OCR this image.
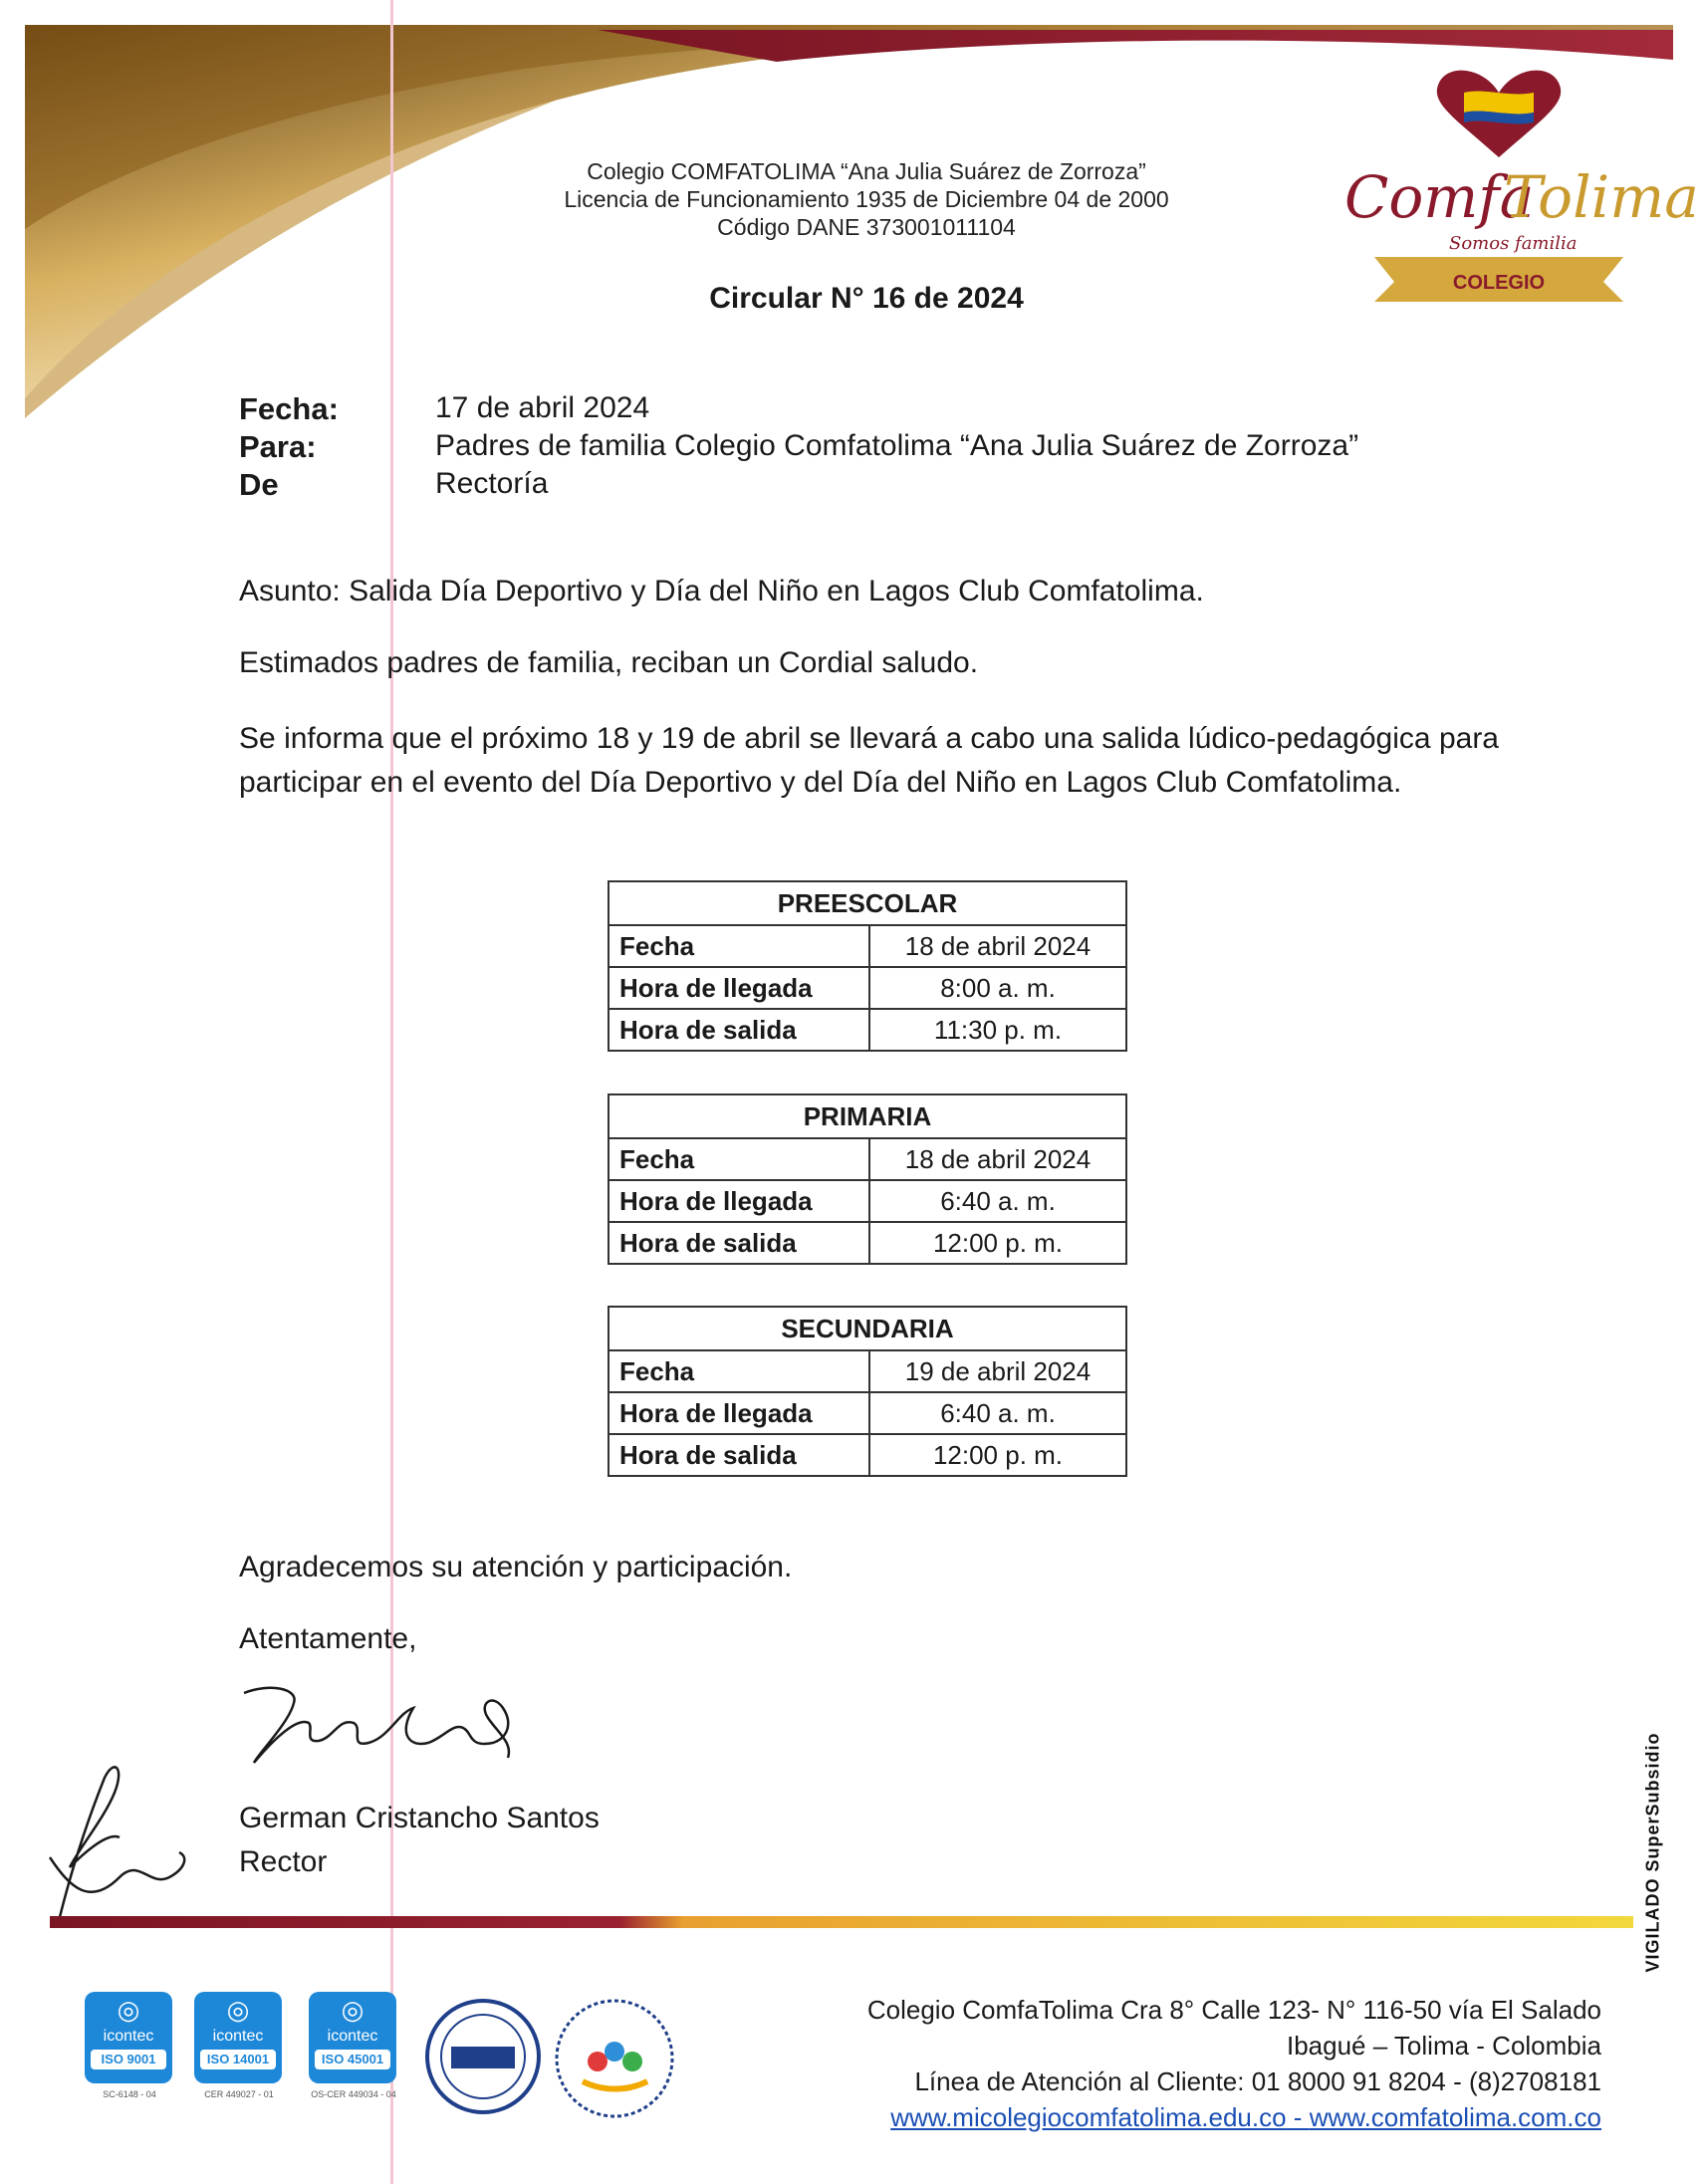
Comfa
Tolima
Somos familia
COLEGIO
Colegio COMFATOLIMA “Ana Julia Suárez de Zorroza”
Licencia de Funcionamiento 1935 de Diciembre 04 de 2000
Código DANE 373001011104
Circular N° 16 de 2024
Fecha:	17 de abril 2024
Para:	Padres de familia Colegio Comfatolima “Ana Julia Suárez de Zorroza”
De	Rectoría
Asunto: Salida Día Deportivo y Día del Niño en Lagos Club Comfatolima.
Estimados padres de familia, reciban un Cordial saludo.
Se informa que el próximo 18 y 19 de abril se llevará a cabo una salida lúdico-pedagógica para participar en el evento del Día Deportivo y del Día del Niño en Lagos Club Comfatolima.
PREESCOLAR	
Fecha	18 de abril 2024
Hora de llegada	8:00 a. m.
Hora de salida	11:30 p. m.
PRIMARIA	
Fecha	18 de abril 2024
Hora de llegada	6:40 a. m.
Hora de salida	12:00 p. m.
SECUNDARIA	
Fecha	19 de abril 2024
Hora de llegada	6:40 a. m.
Hora de salida	12:00 p. m.
Agradecemos su atención y participación.
Atentamente,
German Cristancho Santos
Rector	VIGILADO SuperSubsidio
◎
icontec
ISO 9001
SC-6148 - 04
◎
icontec
ISO 14001
CER 449027 - 01
◎
icontec
ISO 45001
OS-CER 449034 - 04
Colegio ComfaTolima Cra 8° Calle 123- N° 116-50 vía El Salado
Ibagué – Tolima - Colombia
Línea de Atención al Cliente: 01 8000 91 8204 - (8)2708181
www.micolegiocomfatolima.edu.co - www.comfatolima.com.co
